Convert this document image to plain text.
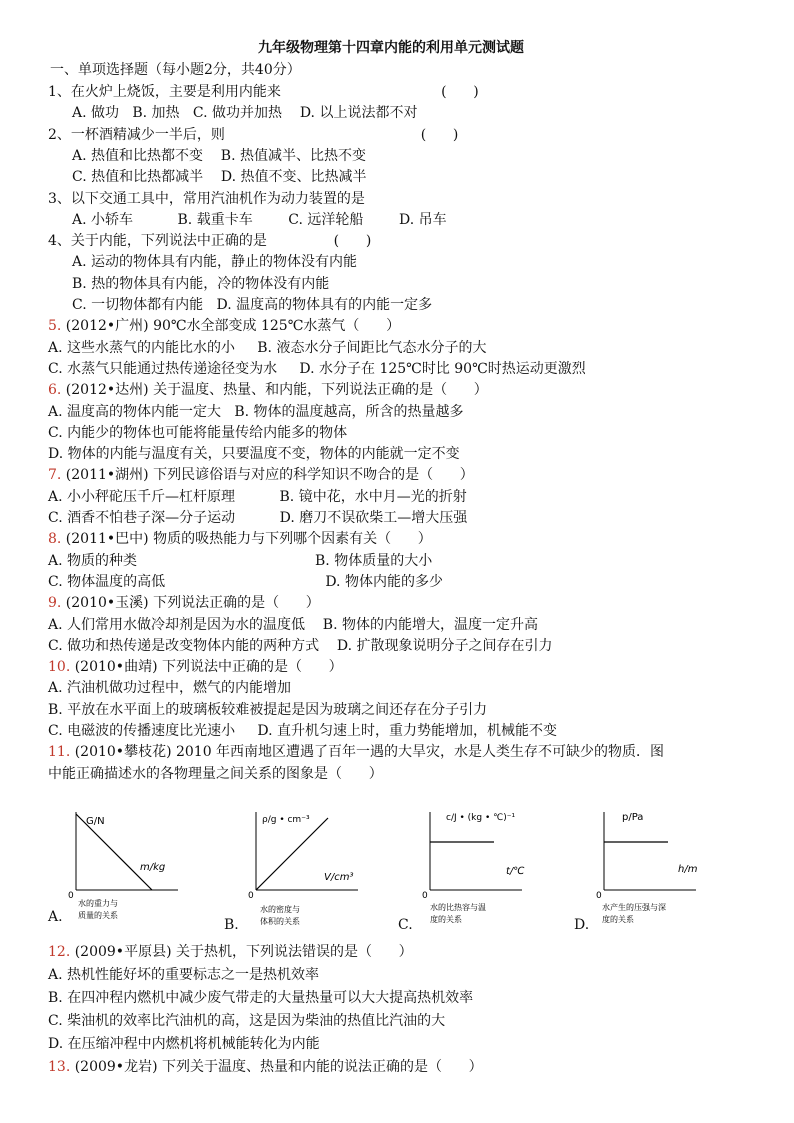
九年级物理第十四章内能的利用单元测试题
一、单项选择题（每小题2分，共40分）
1、在火炉上烧饭，主要是利用内能来                                    (      )
A. 做功   B. 加热   C. 做功并加热    D. 以上说法都不对
2、一杯酒精减少一半后，则                                            (      )
A. 热值和比热都不变    B. 热值减半、比热不变
C. 热值和比热都减半    D. 热值不变、比热减半
3、以下交通工具中，常用汽油机作为动力装置的是
A. 小轿车          B. 载重卡车        C. 远洋轮船        D. 吊车
4、关于内能，下列说法中正确的是               (      )
A. 运动的物体具有内能，静止的物体没有内能
B. 热的物体具有内能，冷的物体没有内能
C. 一切物体都有内能   D. 温度高的物体具有的内能一定多
5. (2012•广州) 90℃水全部变成 125℃水蒸气（      ）
A. 这些水蒸气的内能比水的小     B. 液态水分子间距比气态水分子的大
C. 水蒸气只能通过热传递途径变为水     D. 水分子在 125℃时比 90℃时热运动更激烈
6. (2012•达州) 关于温度、热量、和内能，下列说法正确的是（      ）
A. 温度高的物体内能一定大   B. 物体的温度越高，所含的热量越多
C. 内能少的物体也可能将能量传给内能多的物体
D. 物体的内能与温度有关，只要温度不变，物体的内能就一定不变
7. (2011•湖州) 下列民谚俗语与对应的科学知识不吻合的是（      ）
A. 小小秤砣压千斤—杠杆原理          B. 镜中花，水中月—光的折射
C. 酒香不怕巷子深—分子运动          D. 磨刀不误砍柴工—增大压强
8. (2011•巴中) 物质的吸热能力与下列哪个因素有关（      ）
A. 物质的种类                                        B. 物体质量的大小
C. 物体温度的高低                                    D. 物体内能的多少
9. (2010•玉溪) 下列说法正确的是（      ）
A. 人们常用水做冷却剂是因为水的温度低    B. 物体的内能增大，温度一定升高
C. 做功和热传递是改变物体内能的两种方式    D. 扩散现象说明分子之间存在引力
10. (2010•曲靖) 下列说法中正确的是（      ）
A. 汽油机做功过程中，燃气的内能增加
B. 平放在水平面上的玻璃板较难被提起是因为玻璃之间还存在分子引力
C. 电磁波的传播速度比光速小     D. 直升机匀速上时，重力势能增加，机械能不变
11. (2010•攀枝花) 2010 年西南地区遭遇了百年一遇的大旱灾，水是人类生存不可缺少的物质．图
中能正确描述水的各物理量之间关系的图象是（      ）
G/N
m/kg
0
水的重力与
质量的关系
A.
ρ/g • cm⁻³
V/cm³
0
水的密度与
体积的关系
B.
c/J • (kg • ℃)⁻¹
t/℃
0
水的比热容与温
度的关系
C.
p/Pa
h/m
0
水产生的压强与深
度的关系
D.
12. (2009•平原县) 关于热机，下列说法错误的是（      ）
A. 热机性能好坏的重要标志之一是热机效率
B. 在四冲程内燃机中减少废气带走的大量热量可以大大提高热机效率
C. 柴油机的效率比汽油机的高，这是因为柴油的热值比汽油的大
D. 在压缩冲程中内燃机将机械能转化为内能
13. (2009•龙岩) 下列关于温度、热量和内能的说法正确的是（      ）
